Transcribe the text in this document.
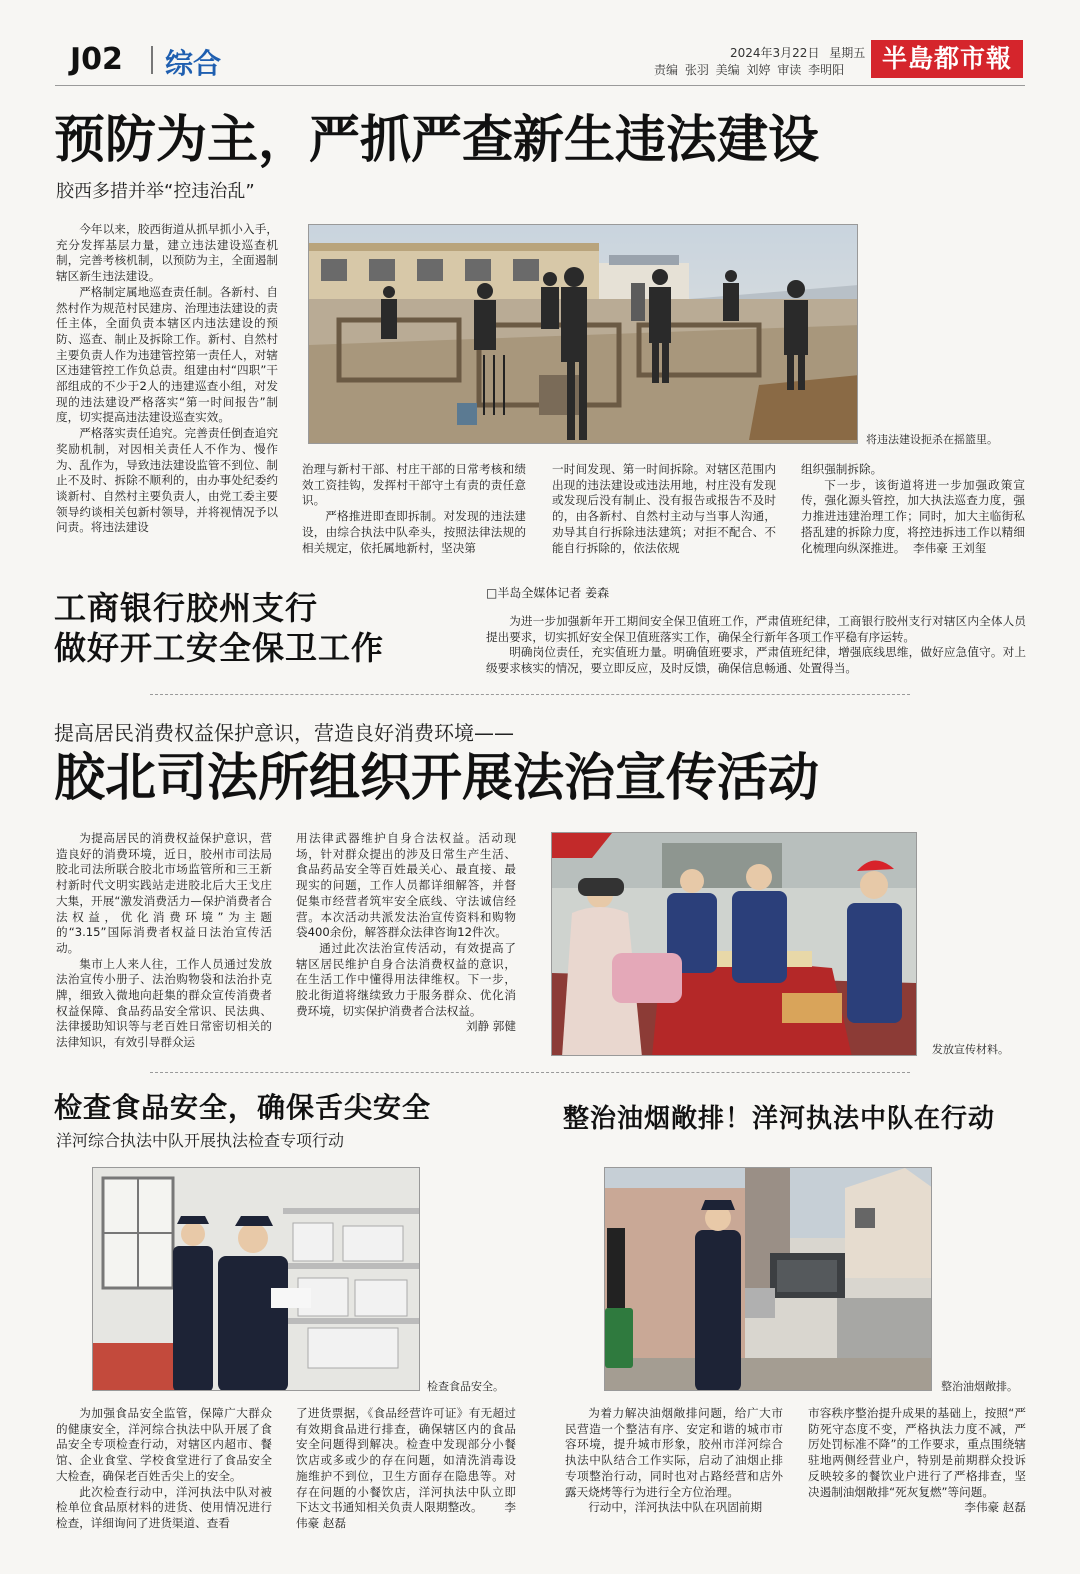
J02 综合	2024年3月22日 星期五
责编 张羽 美编 刘婷 审读 李明阳	半島都市報
预防为主，严抓严查新生违法建设
胶西多措并举“控违治乱”

今年以来，胶西街道从抓早抓小入手，充分发挥基层力量，建立违法建设巡查机制，完善考核机制，以预防为主，全面遏制辖区新生违法建设。

严格制定属地巡查责任制。各新村、自然村作为规范村民建房、治理违法建设的责任主体，全面负责本辖区内违法建设的预防、巡查、制止及拆除工作。新村、自然村主要负责人作为违建管控第一责任人，对辖区违建管控工作负总责。组建由村“四职”干部组成的不少于2人的违建巡查小组，对发现的违法建设严格落实“第一时间报告”制度，切实提高违法建设巡查实效。

严格落实责任追究。完善责任倒查追究奖励机制，对因相关责任人不作为、慢作为、乱作为，导致违法建设监管不到位、制止不及时、拆除不顺利的，由办事处纪委约谈新村、自然村主要负责人，由党工委主要领导约谈相关包新村领导，并将视情况予以问责。将违法建设

将违法建设扼杀在摇篮里。

治理与新村干部、村庄干部的日常考核和绩效工资挂钩，发挥村干部守土有责的责任意识。

严格推进即查即拆制。对发现的违法建设，由综合执法中队牵头，按照法律法规的相关规定，依托属地新村，坚决第

一时间发现、第一时间拆除。对辖区范围内出现的违法建设或违法用地，村庄没有发现或发现后没有制止、没有报告或报告不及时的，由各新村、自然村主动与当事人沟通，劝导其自行拆除违法建筑；对拒不配合、不能自行拆除的，依法依规

组织强制拆除。

下一步，该街道将进一步加强政策宣传，强化源头管控，加大执法巡查力度，强力推进违建治理工作；同时，加大主临街私搭乱建的拆除力度，将控违拆违工作以精细化梳理向纵深推进。 李伟豪 王刘玺

工商银行胶州支行
做好开工安全保卫工作
□半岛全媒体记者 姜森

为进一步加强新年开工期间安全保卫值班工作，严肃值班纪律，工商银行胶州支行对辖区内全体人员提出要求，切实抓好安全保卫值班落实工作，确保全行新年各项工作平稳有序运转。

明确岗位责任，充实值班力量。明确值班要求，严肃值班纪律，增强底线思维，做好应急值守。对上级要求核实的情况，要立即反应，及时反馈，确保信息畅通、处置得当。

提高居民消费权益保护意识，营造良好消费环境——
胶北司法所组织开展法治宣传活动

为提高居民的消费权益保护意识，营造良好的消费环境，近日，胶州市司法局胶北司法所联合胶北市场监管所和三王新村新时代文明实践站走进胶北后大王戈庄大集，开展“激发消费活力—保护消费者合法权益，优化消费环境”为主题的“3.15”国际消费者权益日法治宣传活动。

集市上人来人往，工作人员通过发放法治宣传小册子、法治购物袋和法治扑克牌，细致入微地向赶集的群众宣传消费者权益保障、食品药品安全常识、民法典、法律援助知识等与老百姓日常密切相关的法律知识，有效引导群众运

用法律武器维护自身合法权益。活动现场，针对群众提出的涉及日常生产生活、食品药品安全等百姓最关心、最直接、最现实的问题，工作人员都详细解答，并督促集市经营者筑牢安全底线、守法诚信经营。本次活动共派发法治宣传资料和购物袋400余份，解答群众法律咨询12件次。

通过此次法治宣传活动，有效提高了辖区居民维护自身合法消费权益的意识，在生活工作中懂得用法律维权。下一步，胶北街道将继续致力于服务群众、优化消费环境，切实保护消费者合法权益。

刘静 郭健
发放宣传材料。
检查食品安全，确保舌尖安全
洋河综合执法中队开展执法检查专项行动
检查食品安全。

为加强食品安全监管，保障广大群众的健康安全，洋河综合执法中队开展了食品安全专项检查行动，对辖区内超市、餐馆、企业食堂、学校食堂进行了食品安全大检查，确保老百姓舌尖上的安全。

此次检查行动中，洋河执法中队对被检单位食品原材料的进货、使用情况进行检查，详细询问了进货渠道、查看

了进货票据，《食品经营许可证》有无超过有效期食品进行排查，确保辖区内的食品安全问题得到解决。检查中发现部分小餐饮店或多或少的存在问题，如清洗消毒设施维护不到位，卫生方面存在隐患等。对存在问题的小餐饮店，洋河执法中队立即下达文书通知相关负责人限期整改。 李伟豪 赵磊

整治油烟敞排！洋河执法中队在行动
整治油烟敞排。

为着力解决油烟敞排问题，给广大市民营造一个整洁有序、安定和谐的城市市容环境，提升城市形象，胶州市洋河综合执法中队结合工作实际，启动了油烟止排专项整治行动，同时也对占路经营和店外露天烧烤等行为进行全方位治理。

行动中，洋河执法中队在巩固前期

市容秩序整治提升成果的基础上，按照“严防死守态度不变，严格执法力度不减，严厉处罚标准不降”的工作要求，重点围绕辖驻地两侧经营业户，特别是前期群众投诉反映较多的餐饮业户进行了严格排查，坚决遏制油烟敞排“死灰复燃”等问题。

李伟豪 赵磊
